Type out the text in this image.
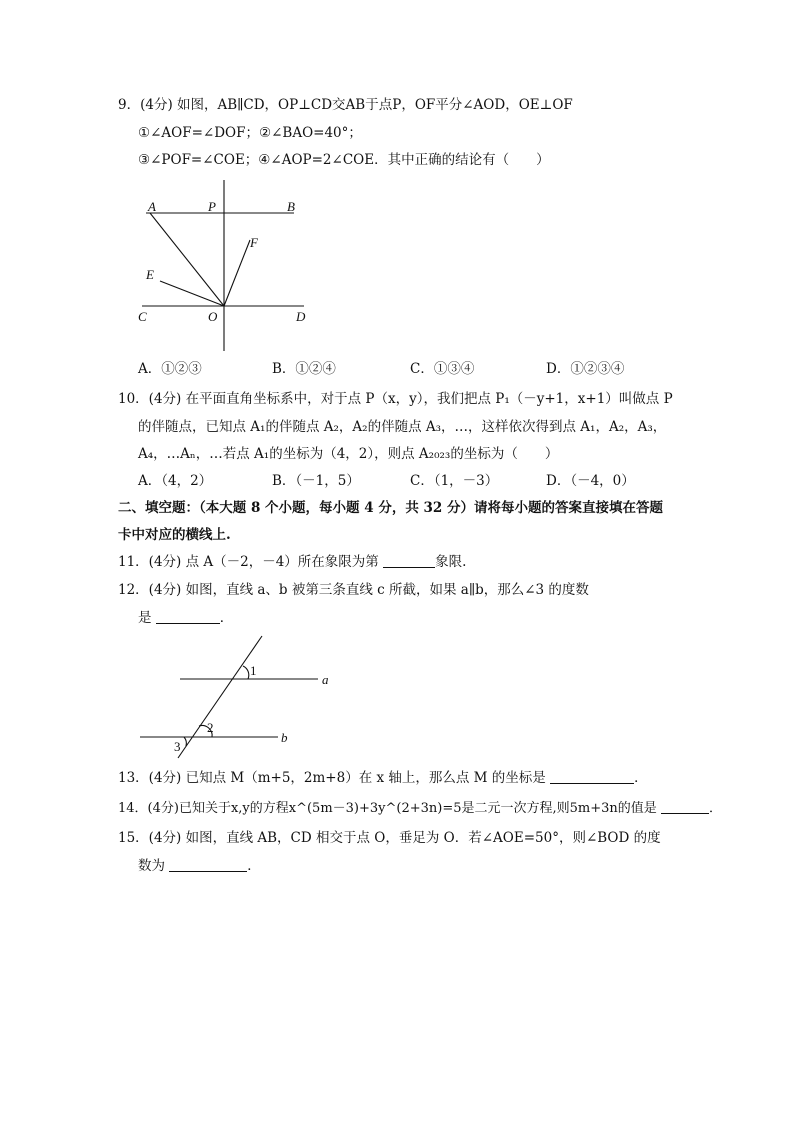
9．(4分) 如图，AB∥CD，OP⊥CD交AB于点P，OF平分∠AOD，OE⊥OF
①∠AOF=∠DOF；②∠BAO=40°；
③∠POF=∠COE；④∠AOP=2∠COE．其中正确的结论有（　　）
A	P	B
F
E
C	O	D
A．①②③	B．①②④	C．①③④	D．①②③④
10．(4分) 在平面直角坐标系中，对于点 P（x，y），我们把点 P₁（－y+1，x+1）叫做点 P
的伴随点，已知点 A₁的伴随点 A₂，A₂的伴随点 A₃，…，这样依次得到点 A₁，A₂，A₃，
A₄，…Aₙ，…若点 A₁的坐标为（4，2），则点 A₂₀₂₃的坐标为（　　）
A．（4，2）	B．（－1，5）	C．（1，－3）	D．（－4，0）
二、填空题：（本大题 8 个小题，每小题 4 分，共 32 分）请将每小题的答案直接填在答题
卡中对应的横线上.
11．(4分) 点 A（－2，－4）所在象限为第	象限.
12．(4分) 如图，直线 a、b 被第三条直线 c 所截，如果 a∥b，那么∠3 的度数
是	．
1
2
3
a
b
13．(4分) 已知点 M（m+5，2m+8）在 x 轴上，那么点 M 的坐标是	．
14．(4分)已知关于x,y的方程x^(5m－3)+3y^(2+3n)=5是二元一次方程,则5m+3n的值是	．
15．(4分) 如图，直线 AB，CD 相交于点 O，垂足为 O．若∠AOE=50°，则∠BOD 的度
数为	．
